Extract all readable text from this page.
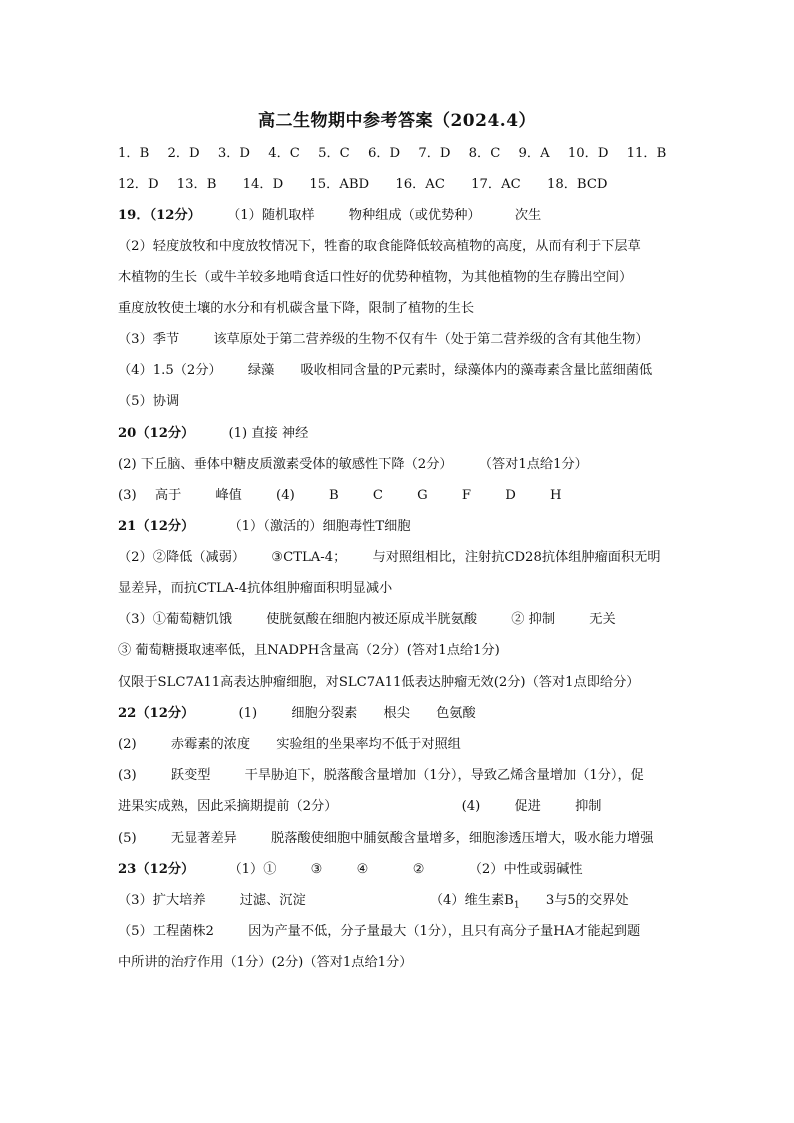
高二生物期中参考答案（2024.4）
1．B 2．D 3．D 4．C 5．C 6．D 7．D 8．C 9．A 10．D 11．B
12．D 13．B 14．D 15．ABD 16．AC 17．AC 18．BCD
19．（12分） （1）随机取样	物种组成（或优势种）	次生
（2）轻度放牧和中度放牧情况下，牲畜的取食能降低较高植物的高度，从而有利于下层草
木植物的生长（或牛羊较多地啃食适口性好的优势种植物，为其他植物的生存腾出空间）
重度放牧使土壤的水分和有机碳含量下降，限制了植物的生长
（3）季节	该草原处于第二营养级的生物不仅有牛（处于第二营养级的含有其他生物）
（4）1.5（2分） 绿藻 吸收相同含量的P元素时，绿藻体内的藻毒素含量比蓝细菌低
（5）协调
20（12分）	(1) 直接 神经
(2) 下丘脑、垂体中糖皮质激素受体的敏感性下降（2分） （答对1点给1分）
(3) 高于	峰值	(4)	B	C	G	F	D	H
21（12分）	（1）（激活的）细胞毒性T细胞
（2）②降低（减弱） ③CTLA-4； 与对照组相比，注射抗CD28抗体组肿瘤面积无明
显差异，而抗CTLA-4抗体组肿瘤面积明显减小
（3）①葡萄糖饥饿	使胱氨酸在细胞内被还原成半胱氨酸	② 抑制	无关
③ 葡萄糖摄取速率低，且NADPH含量高（2分）(答对1点给1分)
仅限于SLC7A11高表达肿瘤细胞，对SLC7A11低表达肿瘤无效(2分)（答对1点即给分）
22（12分）	(1)	细胞分裂素 根尖 色氨酸
(2)	赤霉素的浓度 实验组的坐果率均不低于对照组
(3)	跃变型	干旱胁迫下，脱落酸含量增加（1分），导致乙烯含量增加（1分），促
进果实成熟，因此采摘期提前（2分）	(4)	促进	抑制
(5)	无显著差异	脱落酸使细胞中脯氨酸含量增多，细胞渗透压增大，吸水能力增强
23（12分）	（1）①	③	④	②	（2）中性或弱碱性
（3）扩大培养	过滤、沉淀	（4）维生素$B_1$ 3与5的交界处
（5）工程菌株2	因为产量不低，分子量最大（1分），且只有高分子量HA才能起到题
中所讲的治疗作用（1分）(2分)（答对1点给1分）
